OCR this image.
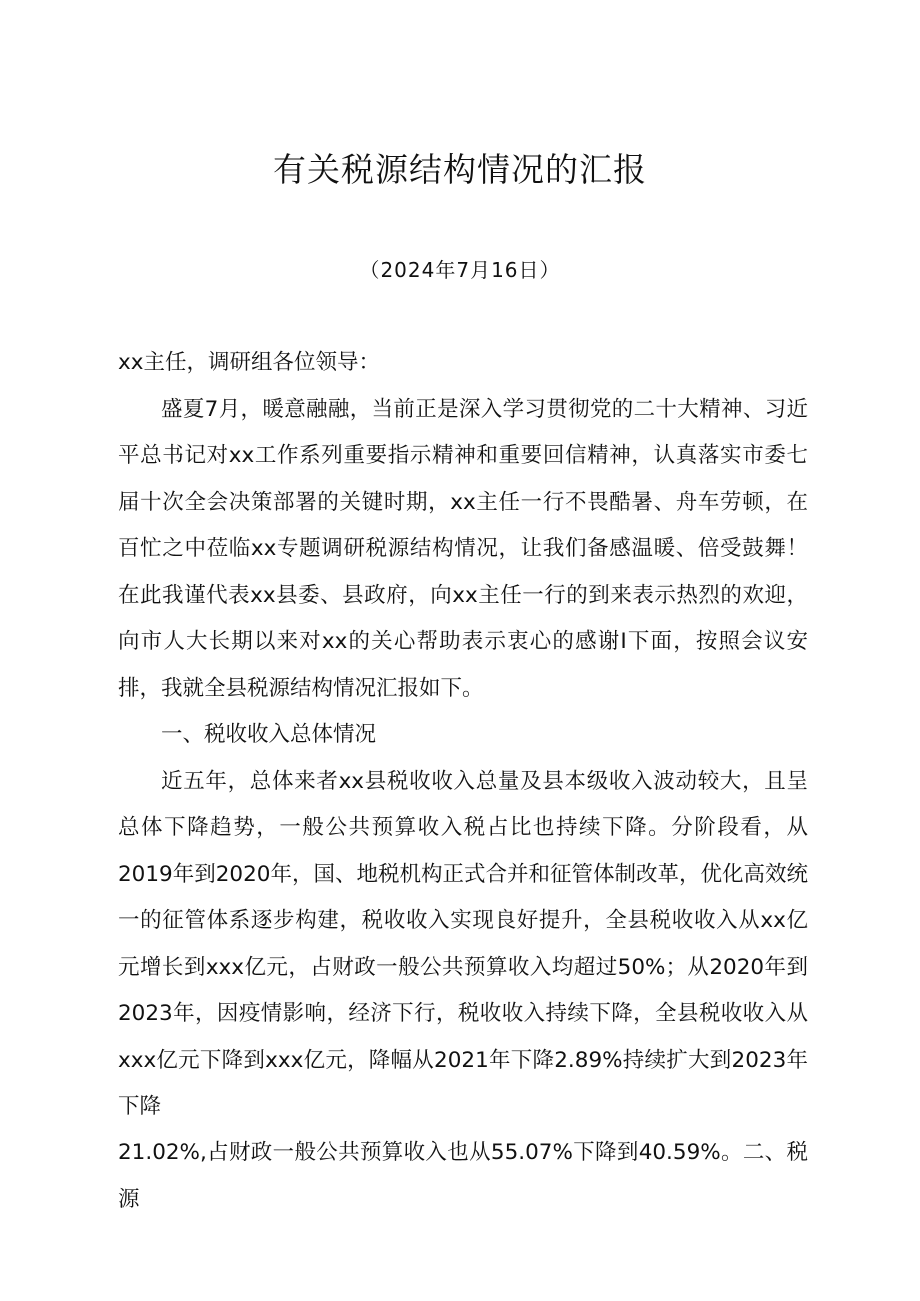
有关税源结构情况的汇报
（2024年7月16日）

xx主任，调研组各位领导：

盛夏7月，暖意融融，当前正是深入学习贯彻党的二十大精神、习近平总书记对xx工作系列重要指示精神和重要回信精神，认真落实市委七届十次全会决策部署的关键时期，xx主任一行不畏酷暑、舟车劳顿，在百忙之中莅临xx专题调研税源结构情况，让我们备感温暖、倍受鼓舞！在此我谨代表xx县委、县政府，向xx主任一行的到来表示热烈的欢迎，向市人大长期以来对xx的关心帮助表示衷心的感谢I下面，按照会议安排，我就全县税源结构情况汇报如下。

一、税收收入总体情况

近五年，总体来者xx县税收收入总量及县本级收入波动较大，且呈总体下降趋势，一般公共预算收入税占比也持续下降。分阶段看，从2019年到2020年，国、地税机构正式合并和征管体制改革，优化高效统一的征管体系逐步构建，税收收入实现良好提升，全县税收收入从xx亿元增长到xxx亿元，占财政一般公共预算收入均超过50%；从2020年到2023年，因疫情影响，经济下行，税收收入持续下降，全县税收收入从xxx亿元下降到xxx亿元，降幅从2021年下降2.89%持续扩大到2023年下降

21.02%,占财政一般公共预算收入也从55.07%下降到40.59%。二、税源
